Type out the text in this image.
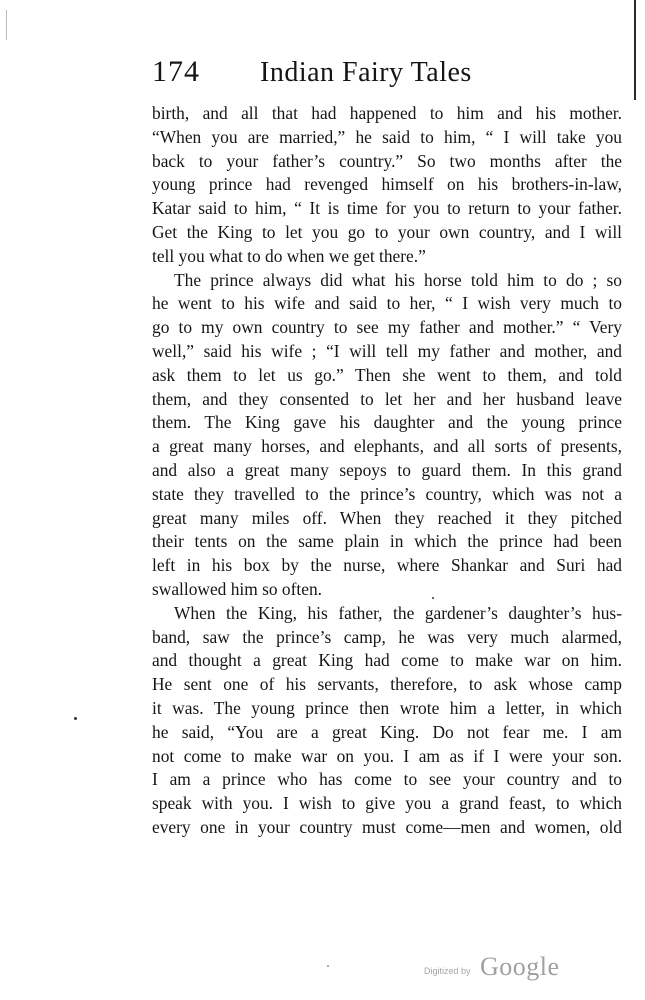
174 Indian Fairy Tales
birth, and all that had happened to him and his mother.
“When you are married,” he said to him, “ I will take you
back to your father’s country.” So two months after the
young prince had revenged himself on his brothers-in-law,
Katar said to him, “ It is time for you to return to your father.
Get the King to let you go to your own country, and I will
tell you what to do when we get there.”
The prince always did what his horse told him to do ; so
he went to his wife and said to her, “ I wish very much to
go to my own country to see my father and mother.” “ Very
well,” said his wife ; “I will tell my father and mother, and
ask them to let us go.” Then she went to them, and told
them, and they consented to let her and her husband leave
them. The King gave his daughter and the young prince
a great many horses, and elephants, and all sorts of presents,
and also a great many sepoys to guard them. In this grand
state they travelled to the prince’s country, which was not a
great many miles off. When they reached it they pitched
their tents on the same plain in which the prince had been
left in his box by the nurse, where Shankar and Suri had
swallowed him so often.
When the King, his father, the gardener’s daughter’s hus-
band, saw the prince’s camp, he was very much alarmed,
and thought a great King had come to make war on him.
He sent one of his servants, therefore, to ask whose camp
it was. The young prince then wrote him a letter, in which
he said, “You are a great King. Do not fear me. I am
not come to make war on you. I am as if I were your son.
I am a prince who has come to see your country and to
speak with you. I wish to give you a grand feast, to which
every one in your country must come—men and women, old
Digitized by Google
